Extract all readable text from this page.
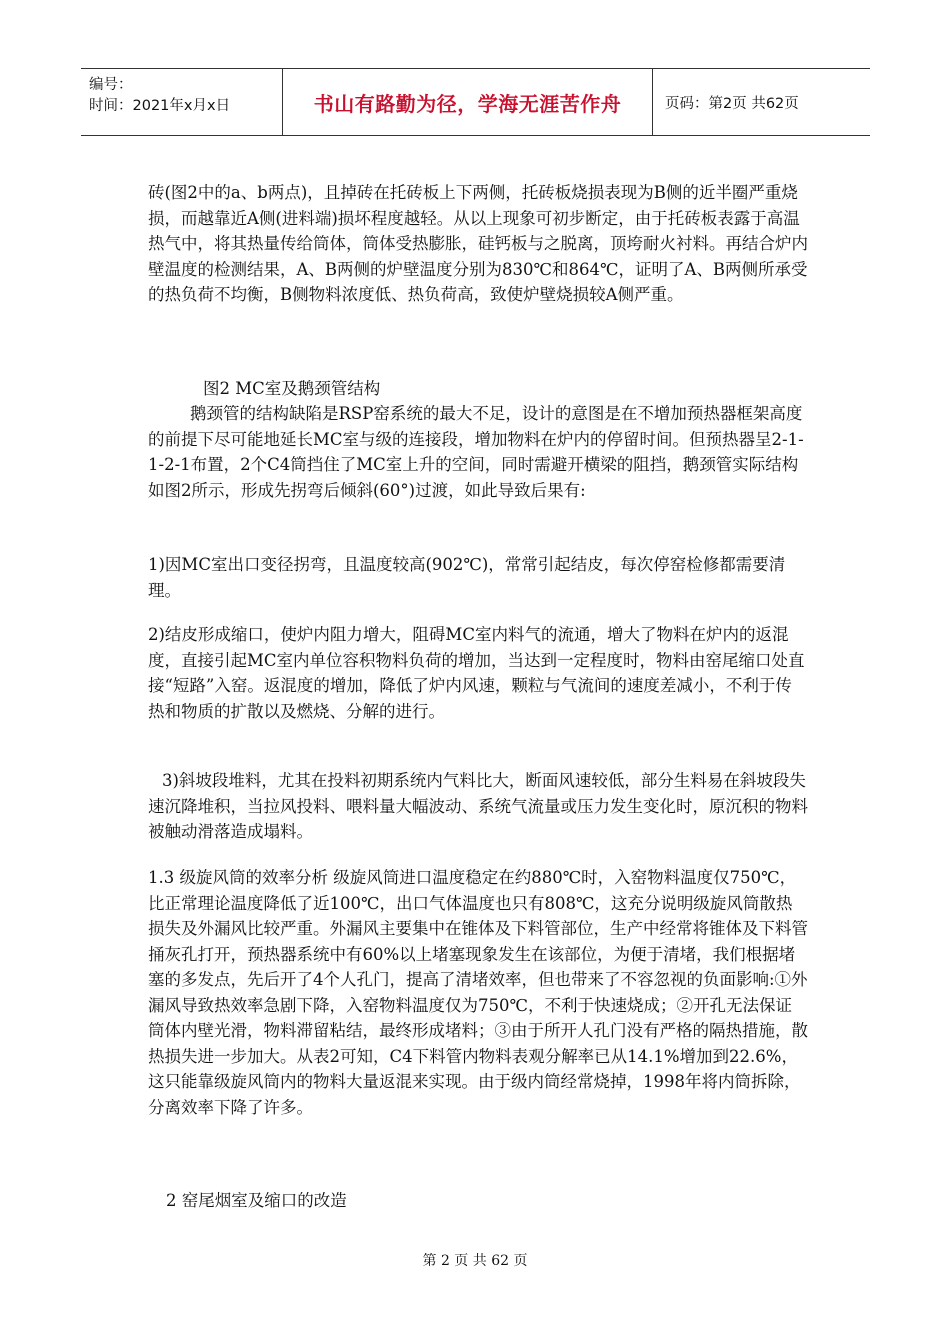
编号：
时间：2021年x月x日	书山有路勤为径，学海无涯苦作舟	页码：第2页 共62页

砖(图2中的a、b两点)，且掉砖在托砖板上下两侧，托砖板烧损表现为B侧的近半圈严重烧损，而越靠近A侧(进料端)损坏程度越轻。从以上现象可初步断定，由于托砖板表露于高温热气中，将其热量传给筒体，筒体受热膨胀，硅钙板与之脱离，顶垮耐火衬料。再结合炉内壁温度的检测结果，A、B两侧的炉壁温度分别为830℃和864℃，证明了A、B两侧所承受的热负荷不均衡，B侧物料浓度低、热负荷高，致使炉壁烧损较A侧严重。

图2 MC室及鹅颈管结构

鹅颈管的结构缺陷是RSP窑系统的最大不足，设计的意图是在不增加预热器框架高度的前提下尽可能地延长MC室与级的连接段，增加物料在炉内的停留时间。但预热器呈2-1-1-2-1布置，2个C4筒挡住了MC室上升的空间，同时需避开横梁的阻挡，鹅颈管实际结构如图2所示，形成先拐弯后倾斜(60°)过渡，如此导致后果有:

1)因MC室出口变径拐弯，且温度较高(902℃)，常常引起结皮，每次停窑检修都需要清理。

2)结皮形成缩口，使炉内阻力增大，阻碍MC室内料气的流通，增大了物料在炉内的返混度，直接引起MC室内单位容积物料负荷的增加，当达到一定程度时，物料由窑尾缩口处直接“短路”入窑。返混度的增加，降低了炉内风速，颗粒与气流间的速度差减小，不利于传热和物质的扩散以及燃烧、分解的进行。

3)斜坡段堆料，尤其在投料初期系统内气料比大，断面风速较低，部分生料易在斜坡段失速沉降堆积，当拉风投料、喂料量大幅波动、系统气流量或压力发生变化时，原沉积的物料被触动滑落造成塌料。

1.3 级旋风筒的效率分析 级旋风筒进口温度稳定在约880℃时，入窑物料温度仅750℃，比正常理论温度降低了近100℃，出口气体温度也只有808℃，这充分说明级旋风筒散热损失及外漏风比较严重。外漏风主要集中在锥体及下料管部位，生产中经常将锥体及下料管捅灰孔打开，预热器系统中有60%以上堵塞现象发生在该部位，为便于清堵，我们根据堵塞的多发点，先后开了4个人孔门，提高了清堵效率，但也带来了不容忽视的负面影响:①外漏风导致热效率急剧下降，入窑物料温度仅为750℃，不利于快速烧成；②开孔无法保证筒体内壁光滑，物料滞留粘结，最终形成堵料；③由于所开人孔门没有严格的隔热措施，散热损失进一步加大。从表2可知，C4下料管内物料表观分解率已从14.1%增加到22.6%，这只能靠级旋风筒内的物料大量返混来实现。由于级内筒经常烧掉，1998年将内筒拆除，分离效率下降了许多。

2 窑尾烟室及缩口的改造

第 2 页 共 62 页
